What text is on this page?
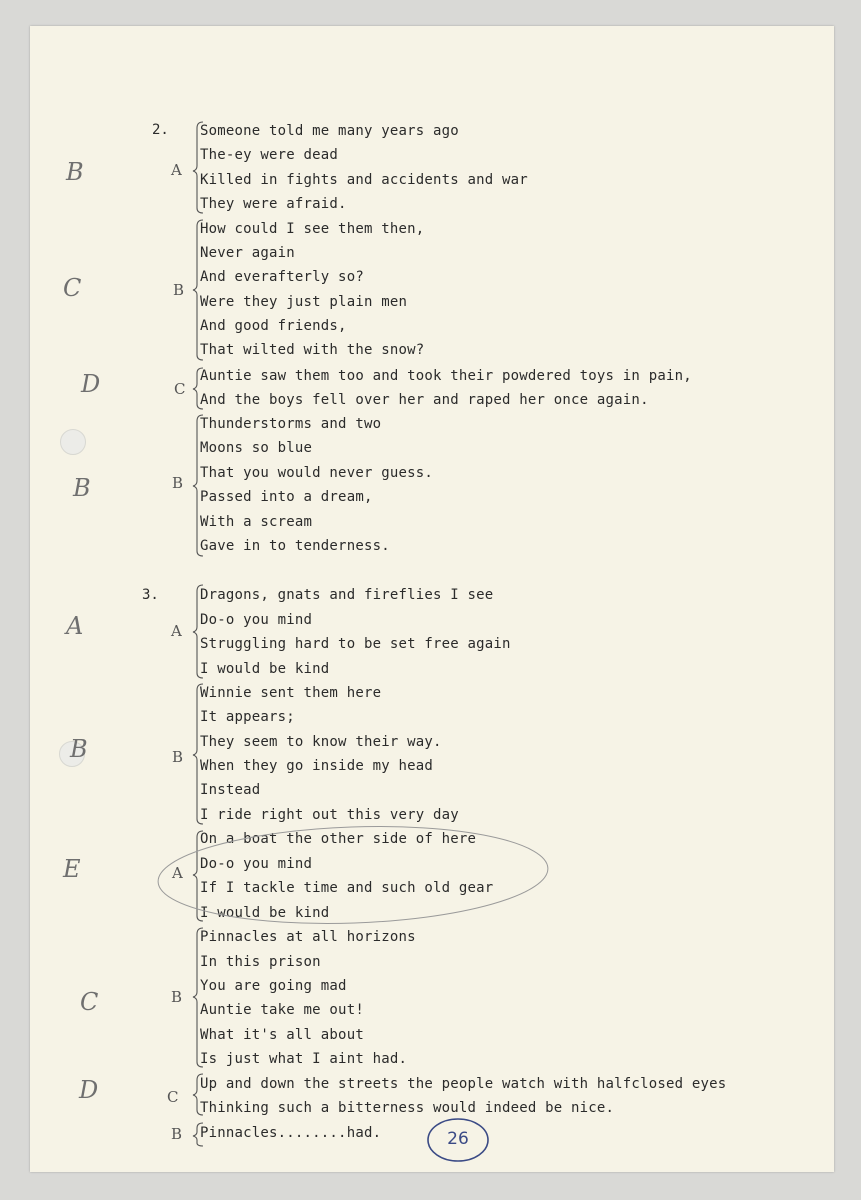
2. Someone told me many years ago
The-ey were dead
Killed in fights and accidents and war
They were afraid.
How could I see them then,
Never again
And everafterly so?
Were they just plain men
And good friends,
That wilted with the snow?
Auntie saw them too and took their powdered toys in pain,
And the boys fell over her and raped her once again.
Thunderstorms and two
Moons so blue
That you would never guess.
Passed into a dream,
With a scream
Gave in to tenderness.
3.	Dragons, gnats and fireflies I see
Do-o you mind
Struggling hard to be set free again
I would be kind
Winnie sent them here
It appears;
They seem to know their way.
When they go inside my head
Instead
I ride right out this very day
On a boat the other side of here
Do-o you mind
If I tackle time and such old gear
I would be kind
Pinnacles at all horizons
In this prison
You are going mad
Auntie take me out!
What it's all about
Is just what I aint had.
Up and down the streets the people watch with halfclosed eyes
Thinking such a bitterness would indeed be nice.
Pinnacles........had.
A
B
C
B
A
B
A
B
C
B
B
C
D
B
A
B
E
C
D
26
